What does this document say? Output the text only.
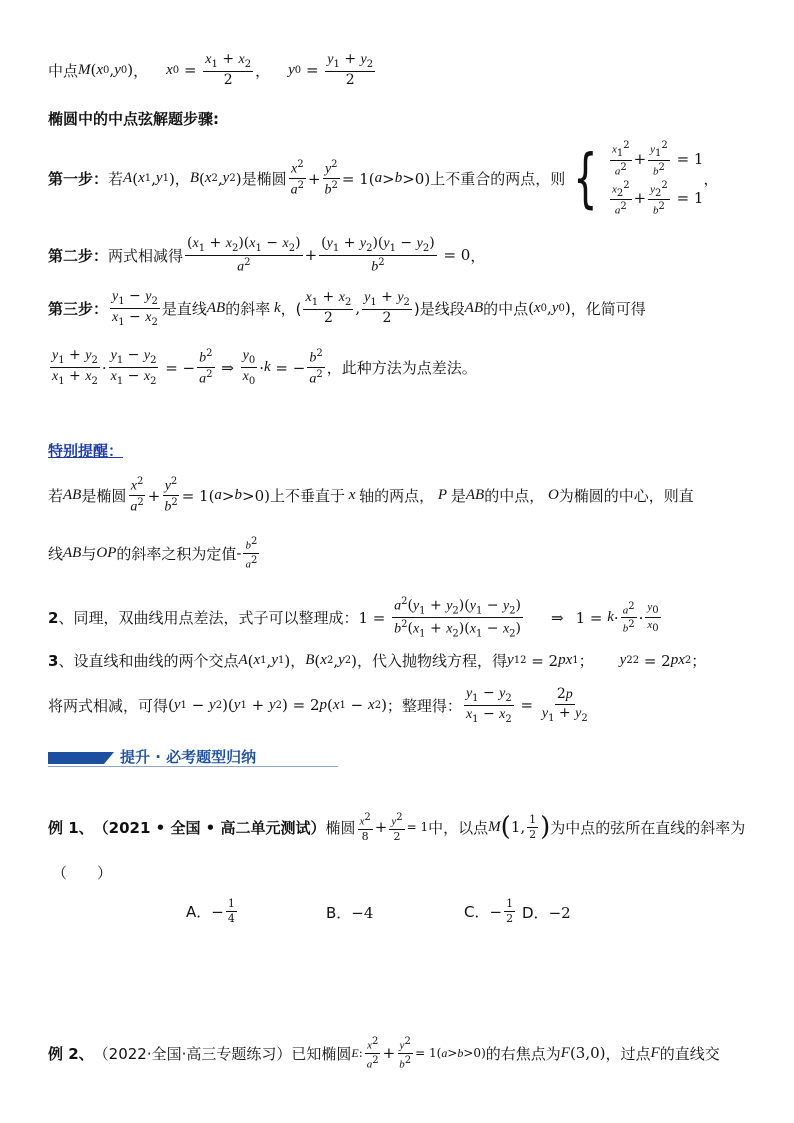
中点 M ( x 0 , y 0 ) ， x $0 = \frac{x_1 + x_2}{2}$ ， y $0 = \frac{y_1 + y_2}{2}$
椭圆中的中点弦解题步骤:
第一步： 若 A ( x 1 , y 1 ) ， B ( x 2 , y 2 ) 是椭圆 $\frac{x^2}{a^2} + \frac{y^2}{b^2} = 1$( a > b >0) 上不重合的两点，则 { $\frac{x_1^2}{a^2} + \frac{y_1^2}{b^2} = 1$
$\frac{x_2^2}{a^2} + \frac{y_2^2}{b^2} = 1$
，
第二步： 两式相减得 $\frac{(x_1 + x_2)(x_1 - x_2)}{a^2} + \frac{(y_1 + y_2)(y_1 - y_2)}{b^2} = 0$ ，
第三步： $\frac{y_1 - y_2}{x_1 - x_2}$ 是直线 AB 的斜率 k ，( $\frac{x_1 + x_2}{2}$ , $\frac{y_1 + y_2}{2}$ )是线段 AB 的中点 ( x 0 , y 0 ) ，化简可得
$\frac{y_1 + y_2}{x_1 + x_2} \cdot \frac{y_1 - y_2}{x_1 - x_2}$ = − $\frac{b^2}{a^2}$ ⇒ $\frac{y_0}{x_0} \cdot k$ = − $\frac{b^2}{a^2}$ ，此种方法为点差法。
特别提醒：
若 AB 是椭圆 $\frac{x^2}{a^2} + \frac{y^2}{b^2} = 1$( a > b >0) 上不垂直于 x 轴的两点， P 是 AB 的中点， O 为椭圆的中心，则直
线 AB 与 OP 的斜率之积为定值 - $\frac{b^2}{a^2}$
2 、同理，双曲线用点差法，式子可以整理成： $1 = \frac{a^2(y_1 + y_2)(y_1 - y_2)}{b^2(x_1 + x_2)(x_1 - x_2)}$ ⇒ $1 = k \cdot \frac{a^2}{b^2} \cdot \frac{y_0}{x_0}$
3 、设直线和曲线的两个交点 A ( x 1 , y 1 ) ， B ( x 2 , y 2 ) ，代入抛物线方程，得 y 1 2 = 2 px 1 ； y 2 2 = 2 px 2 ；
将两式相减，可得 ( y 1 − y 2 )( y 1 + y 2 ) = 2 p ( x 1 − x 2 ) ；整理得： $\frac{y_1 - y_2}{x_1 - x_2} = \frac{2p}{y_1 + y_2}$
提升 · 必考题型归纳
例 1、 （2021 • 全国 • 高二单元测试） 椭圆 $\frac{x^2}{8} + \frac{y^2}{2} = 1$ 中，以点 M ( 1, $\frac{1}{2}$ ) 为中点的弦所在直线的斜率为
（　　）
A． − $\frac{1}{4}$	B． −4	C． − $\frac{1}{2}$ D． −2
例 2、 （2022·全国·高三专题练习） 已知椭圆 E : $\frac{x^2}{a^2} + \frac{y^2}{b^2} = 1$( a > b >0) 的右焦点为 F (3,0) ，过点 F 的直线交
